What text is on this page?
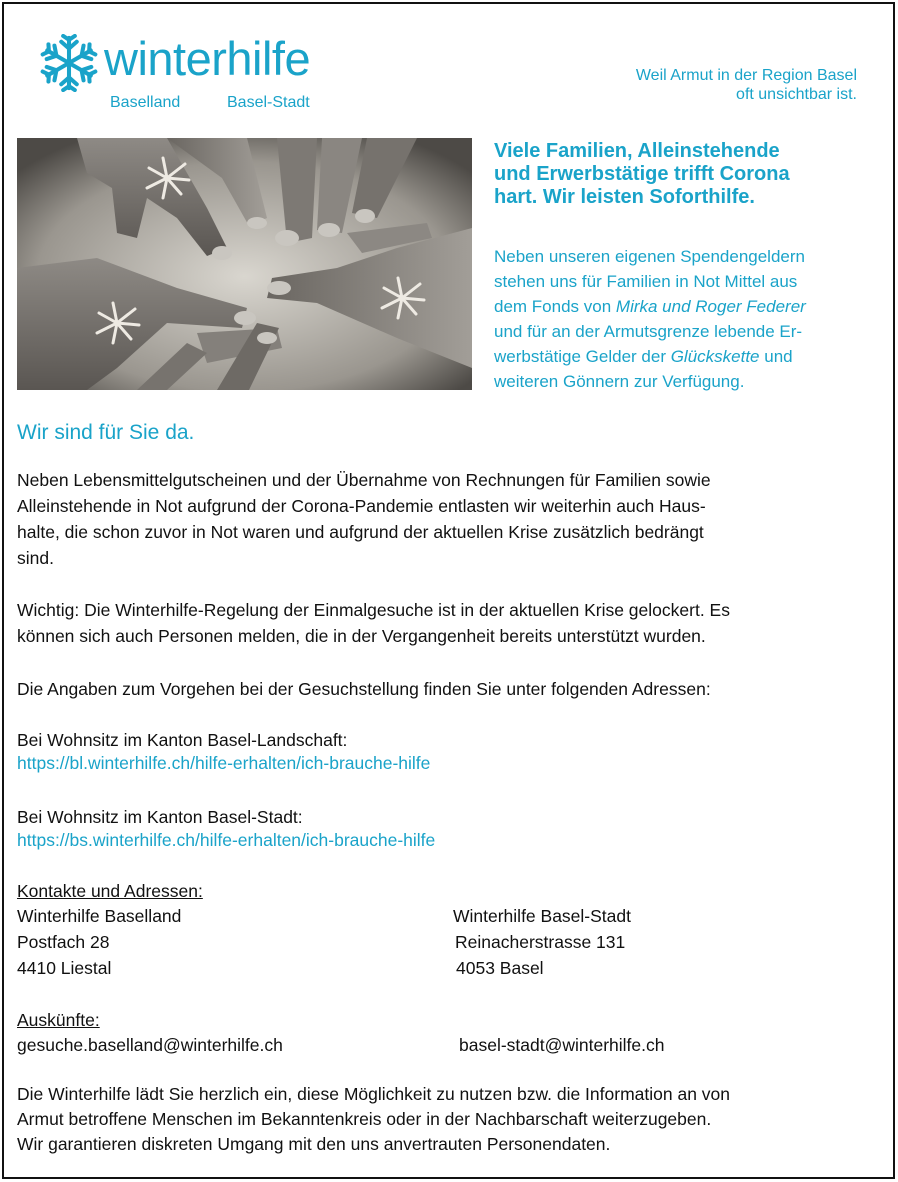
winterhilfe
Baselland	Basel-Stadt
Weil Armut in der Region Basel
oft unsichtbar ist.
Viele Familien, Alleinstehende
und Erwerbstätige trifft Corona
hart. Wir leisten Soforthilfe.
Neben unseren eigenen Spendengeldern
stehen uns für Familien in Not Mittel aus
dem Fonds von Mirka und Roger Federer
und für an der Armutsgrenze lebende Er-
werbstätige Gelder der Glückskette und
weiteren Gönnern zur Verfügung.
Wir sind für Sie da.
Neben Lebensmittelgutscheinen und der Übernahme von Rechnungen für Familien sowie
Alleinstehende in Not aufgrund der Corona-Pandemie entlasten wir weiterhin auch Haus-
halte, die schon zuvor in Not waren und aufgrund der aktuellen Krise zusätzlich bedrängt
sind.
Wichtig: Die Winterhilfe-Regelung der Einmalgesuche ist in der aktuellen Krise gelockert. Es
können sich auch Personen melden, die in der Vergangenheit bereits unterstützt wurden.
Die Angaben zum Vorgehen bei der Gesuchstellung finden Sie unter folgenden Adressen:
Bei Wohnsitz im Kanton Basel-Landschaft:
https://bl.winterhilfe.ch/hilfe-erhalten/ich-brauche-hilfe
Bei Wohnsitz im Kanton Basel-Stadt:
https://bs.winterhilfe.ch/hilfe-erhalten/ich-brauche-hilfe
Kontakte und Adressen:
Winterhilfe Baselland
Postfach 28
4410 Liestal
Winterhilfe Basel-Stadt
Reinacherstrasse 131
4053 Basel
Auskünfte:
gesuche.baselland@winterhilfe.ch	basel-stadt@winterhilfe.ch
Die Winterhilfe lädt Sie herzlich ein, diese Möglichkeit zu nutzen bzw. die Information an von
Armut betroffene Menschen im Bekanntenkreis oder in der Nachbarschaft weiterzugeben.
Wir garantieren diskreten Umgang mit den uns anvertrauten Personendaten.
